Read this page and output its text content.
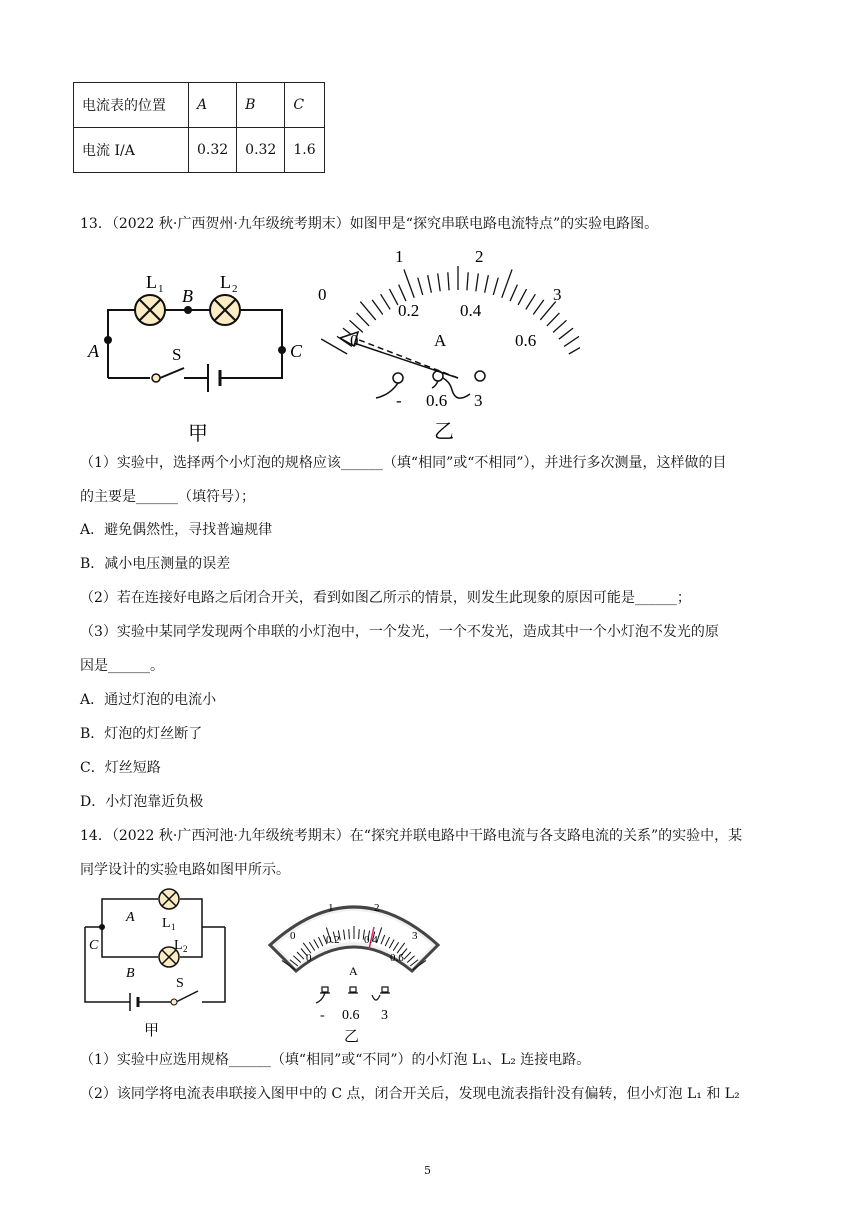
电流表的位置	A	B	C
电流 I/A	0.32	0.32	1.6
13．（2022 秋·广西贺州·九年级统考期末）如图甲是“探究串联电路电流特点”的实验电路图。
L 1	L 2
A
B
C
S
甲
0
1	2
3
0
0.2 0.4
0.6
A
- 0.6 3
乙
（1）实验中，选择两个小灯泡的规格应该______（填“相同”或“不相同”），并进行多次测量，这样做的目
的主要是______（填符号）；
A．避免偶然性，寻找普遍规律
B．减小电压测量的误差
（2）若在连接好电路之后闭合开关，看到如图乙所示的情景，则发生此现象的原因可能是______；
（3）实验中某同学发现两个串联的小灯泡中，一个发光，一个不发光，造成其中一个小灯泡不发光的原
因是______。
A．通过灯泡的电流小
B．灯泡的灯丝断了
C．灯丝短路
D．小灯泡靠近负极
14．（2022 秋·广西河池·九年级统考期末）在“探究并联电路中干路电流与各支路电流的关系”的实验中，某
同学设计的实验电路如图甲所示。
A
B
C
L 1
L 2
S
甲
0
1	2
3
0
0.2 0.4
0.6
A
- 0.6 3
乙
（1）实验中应选用规格______（填“相同”或“不同”）的小灯泡 L₁、L₂ 连接电路。
（2）该同学将电流表串联接入图甲中的 C 点，闭合开关后，发现电流表指针没有偏转，但小灯泡 L₁ 和 L₂
5
